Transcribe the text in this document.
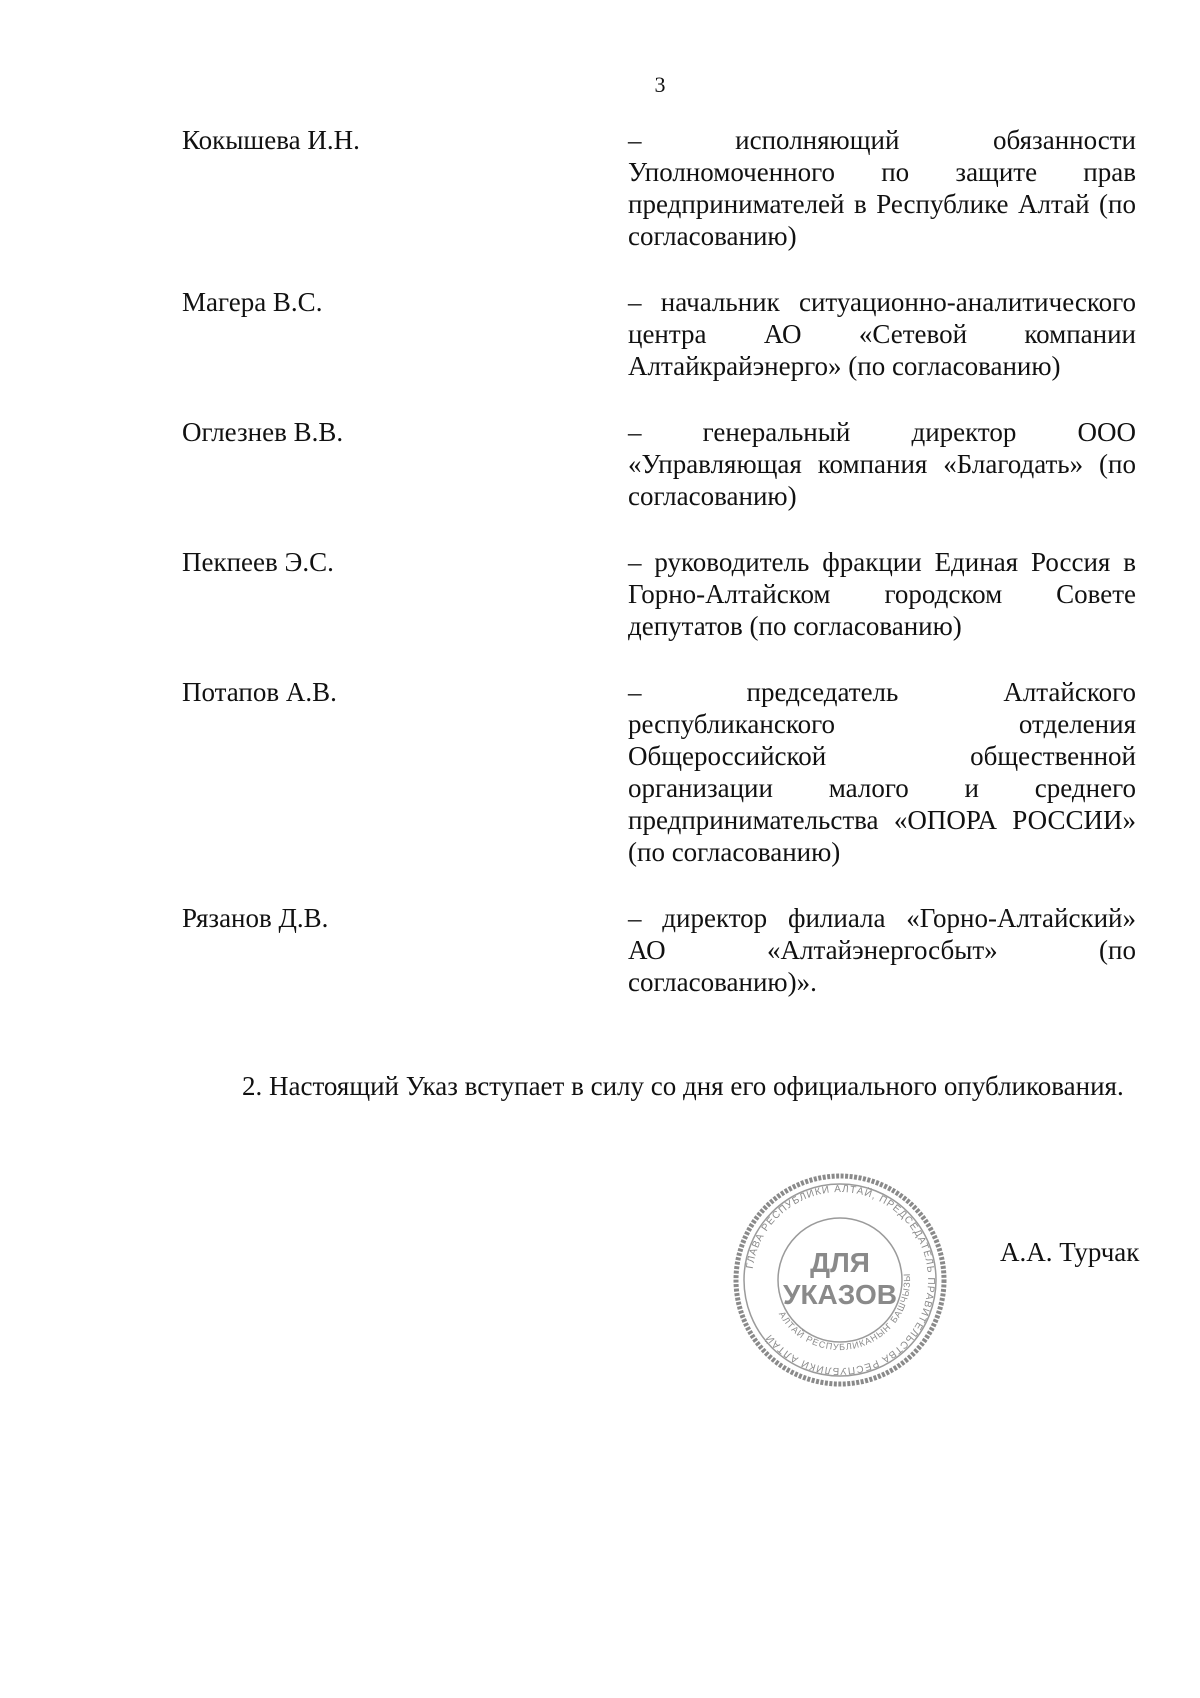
3
Кокышева И.Н.	– исполняющий обязанности Уполномоченного по защите прав предпринимателей в Республике Алтай (по согласованию)
Магера В.С.	– начальник ситуационно-аналитического центра АО «Сетевой компании Алтайкрайэнерго» (по согласованию)
Оглезнев В.В.	– генеральный директор ООО «Управляющая компания «Благодать» (по согласованию)
Пекпеев Э.С.	– руководитель фракции Единая Россия в Горно-Алтайском городском Совете депутатов (по согласованию)
Потапов А.В.	– председатель Алтайского республиканского отделения Общероссийской общественной организации малого и среднего предпринимательства «ОПОРА РОССИИ» (по согласованию)
Рязанов Д.В.	– директор филиала «Горно-Алтайский» АО «Алтайэнергосбыт» (по согласованию)».
2. Настоящий Указ вступает в силу со дня его официального опубликования.
ГЛАВА РЕСПУБЛИКИ АЛТАЙ, ПРЕДСЕДАТЕЛЬ ПРАВИТЕЛЬСТВА РЕСПУБЛИКИ АЛТАЙ
АЛТАЙ РЕСПУБЛИКАНЫҤ БАШЧЫЗЫ
ДЛЯ
УКАЗОВ
А.А. Турчак
